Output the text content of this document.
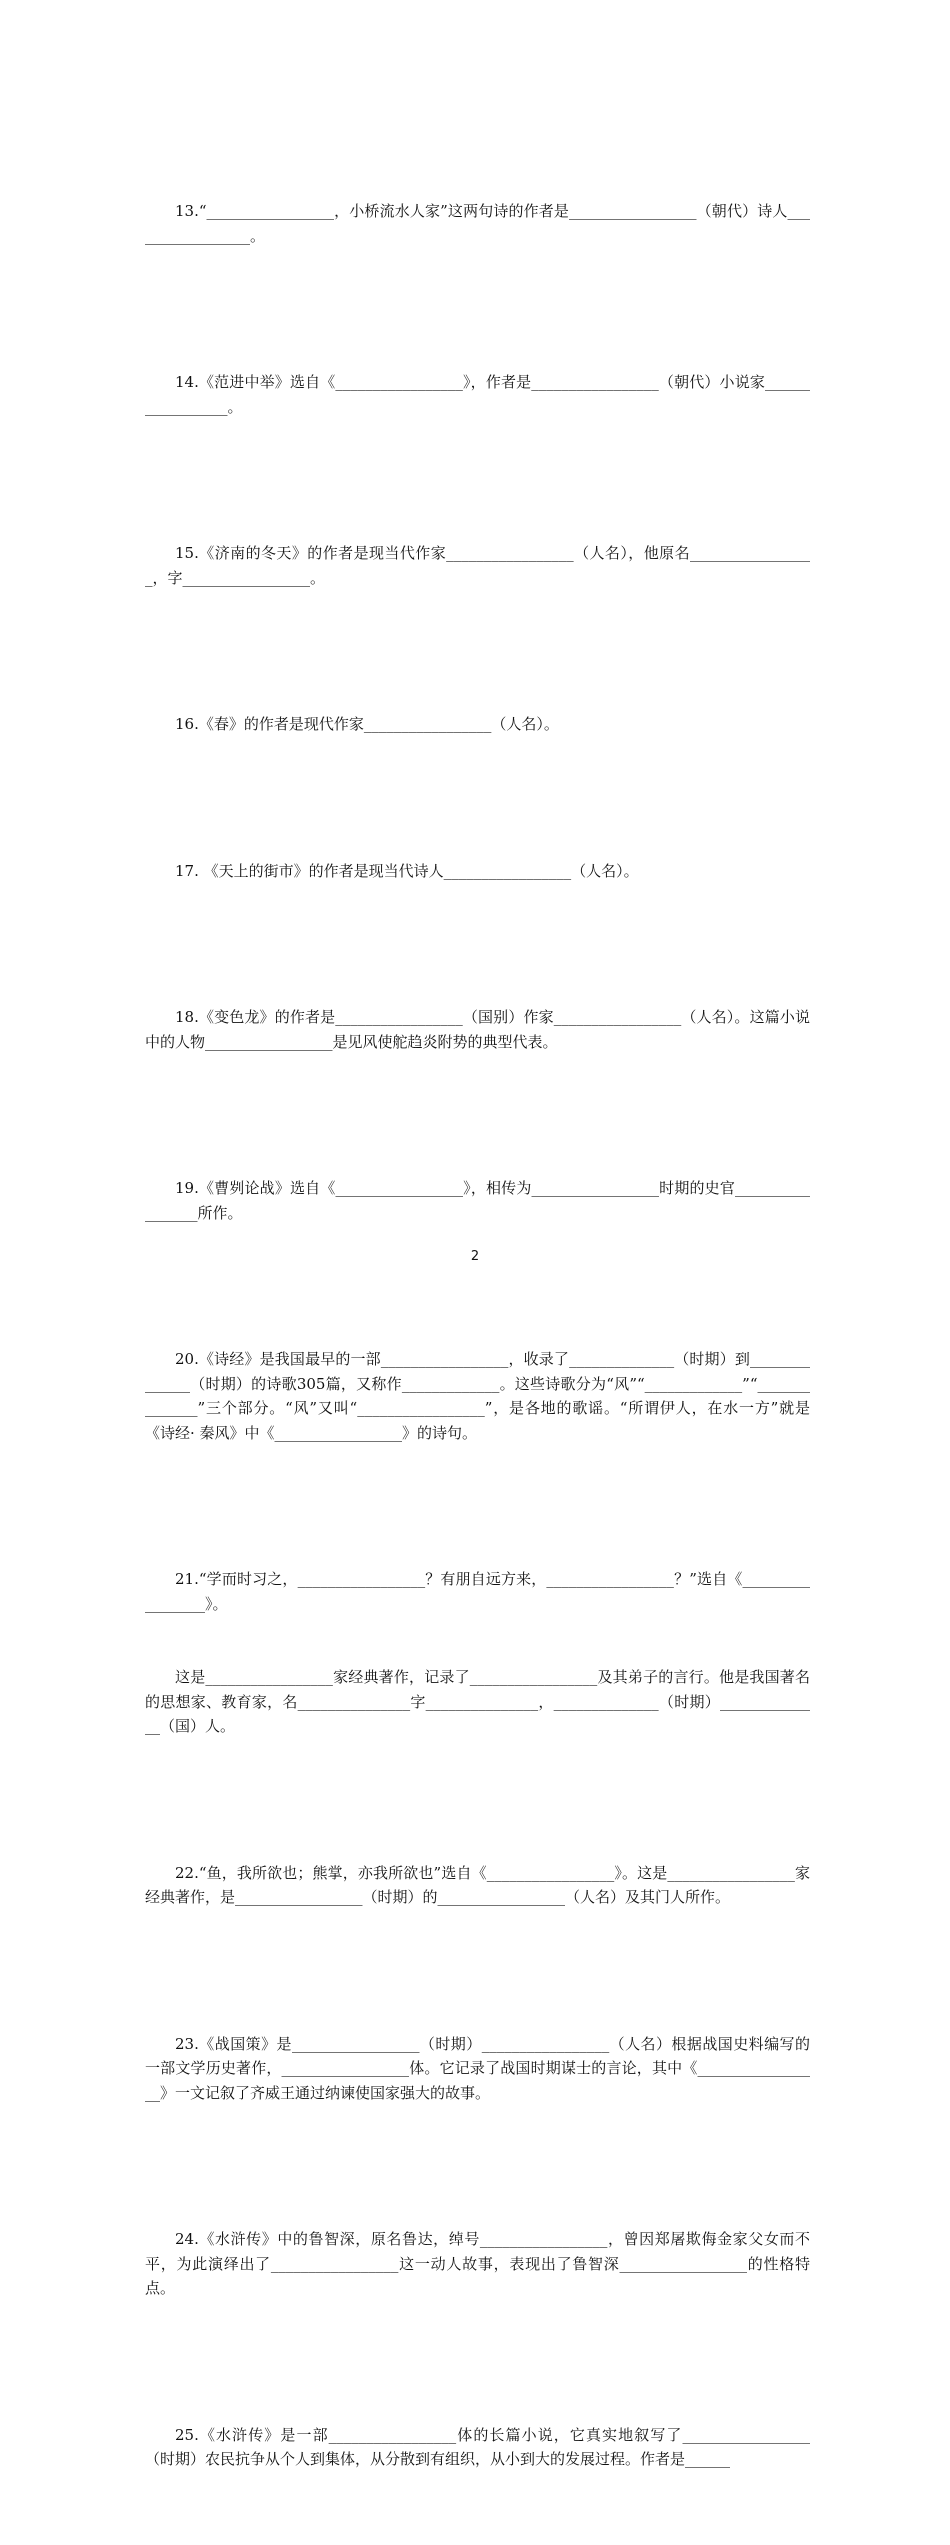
13.“_________________，小桥流水人家”这两句诗的作者是_________________（朝代）诗人_________________。

14.《范进中举》选自《_________________》，作者是_________________（朝代）小说家_________________。

15.《济南的冬天》的作者是现当代作家_________________（人名），他原名_________________，字_________________。

16.《春》的作者是现代作家_________________（人名）。

17. 《天上的街市》的作者是现当代诗人_________________（人名）。

18.《变色龙》的作者是_________________（国别）作家_________________（人名）。这篇小说中的人物_________________是见风使舵趋炎附势的典型代表。

19.《曹刿论战》选自《_________________》，相传为_________________时期的史官_________________所作。

20.《诗经》是我国最早的一部_________________，收录了______________（时期）到______________（时期）的诗歌305篇，又称作_____________。这些诗歌分为“风”“_____________”“______________”三个部分。“风”又叫“_________________”，是各地的歌谣。“所谓伊人，在水一方”就是《诗经· 秦风》中《_________________》的诗句。

21.“学而时习之，_________________？有朋自远方来，_________________？”选自《_________________》。

这是_________________家经典著作，记录了_________________及其弟子的言行。他是我国著名的思想家、教育家，名_______________字_______________，______________（时期）______________（国）人。

22.“鱼，我所欲也；熊掌，亦我所欲也”选自《_________________》。这是_________________家经典著作，是_________________（时期）的_________________（人名）及其门人所作。

23.《战国策》是_________________（时期）_________________（人名）根据战国史料编写的一部文学历史著作，_________________体。它记录了战国时期谋士的言论，其中《_________________》一文记叙了齐威王通过纳谏使国家强大的故事。

24.《水浒传》中的鲁智深，原名鲁达，绰号_________________，曾因郑屠欺侮金家父女而不平，为此演绎出了_________________这一动人故事，表现出了鲁智深_________________的性格特点。

25.《水浒传》是一部_________________体的长篇小说，它真实地叙写了_________________（时期）农民抗争从个人到集体，从分散到有组织，从小到大的发展过程。作者是______

2
